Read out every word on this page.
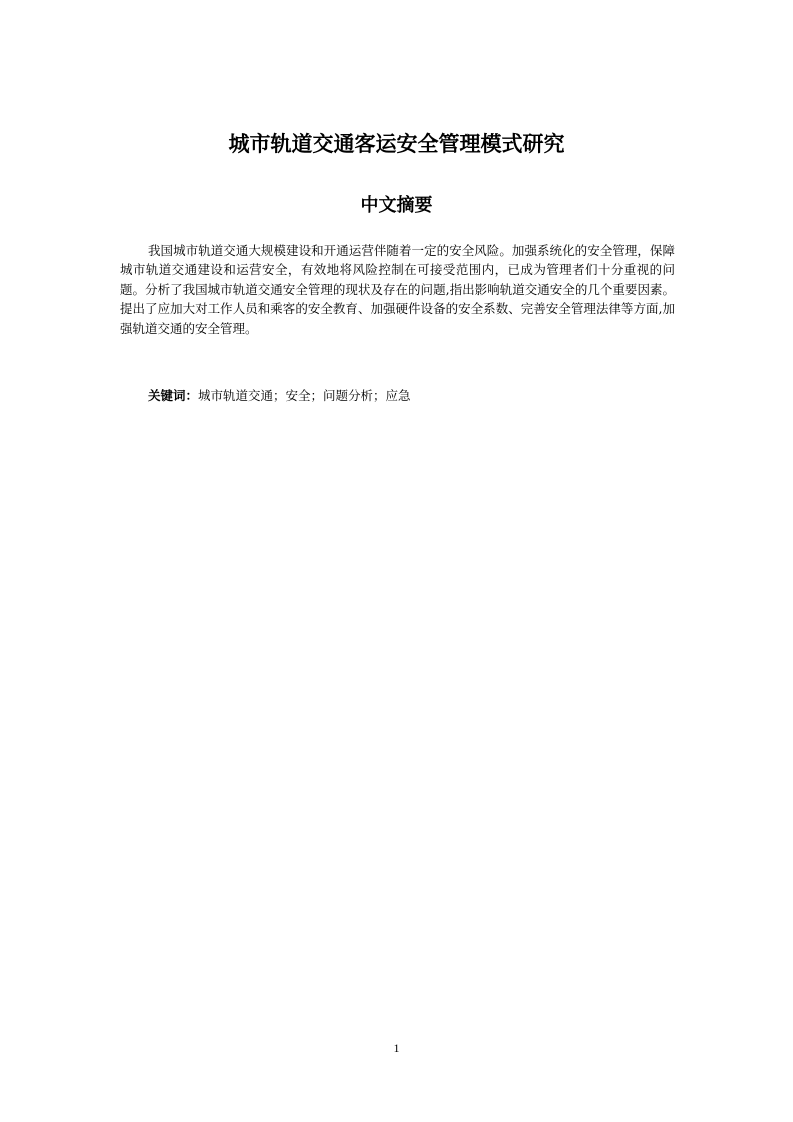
城市轨道交通客运安全管理模式研究
中文摘要

我国城市轨道交通大规模建设和开通运营伴随着一定的安全风险。加强系统化的安全管理，保障城市轨道交通建设和运营安全，有效地将风险控制在可接受范围内，已成为管理者们十分重视的问题。分析了我国城市轨道交通安全管理的现状及存在的问题,指出影响轨道交通安全的几个重要因素。提出了应加大对工作人员和乘客的安全教育、加强硬件设备的安全系数、完善安全管理法律等方面,加强轨道交通的安全管理。

关键词：城市轨道交通；安全；问题分析；应急

1
